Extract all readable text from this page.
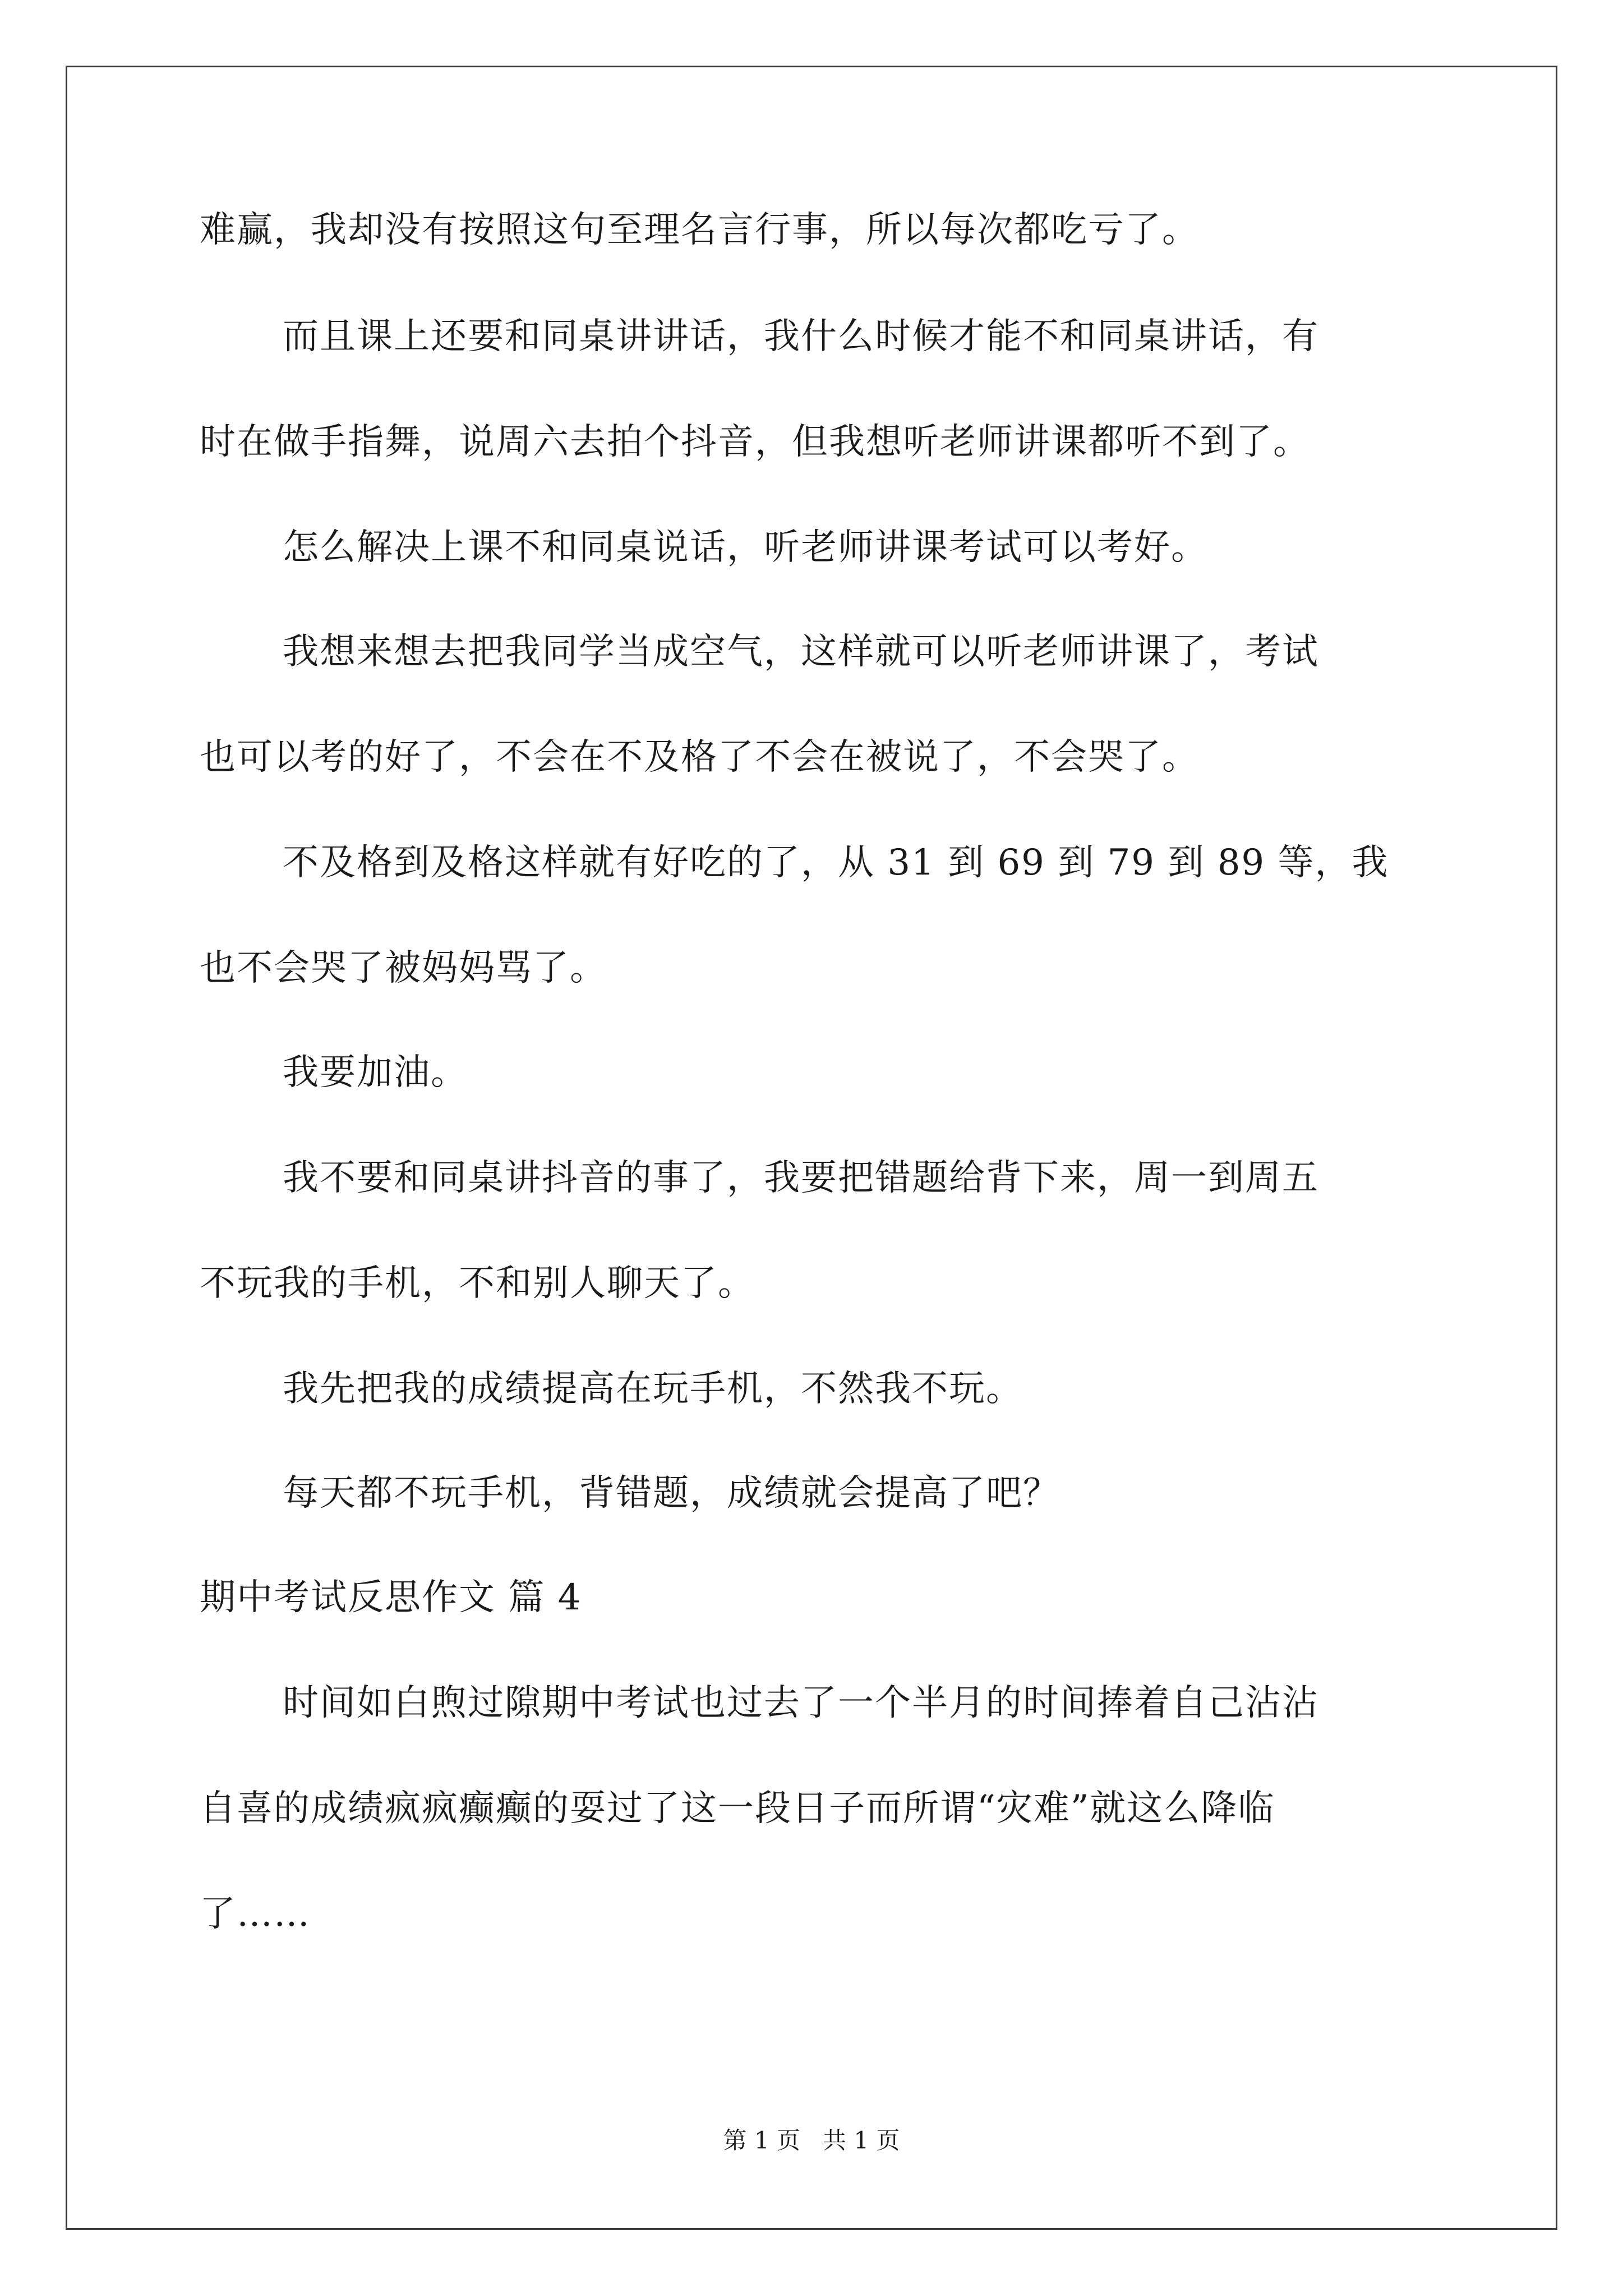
难赢，我却没有按照这句至理名言行事，所以每次都吃亏了。
而且课上还要和同桌讲讲话，我什么时候才能不和同桌讲话，有
时在做手指舞，说周六去拍个抖音，但我想听老师讲课都听不到了。
怎么解决上课不和同桌说话，听老师讲课考试可以考好。
我想来想去把我同学当成空气，这样就可以听老师讲课了，考试
也可以考的好了，不会在不及格了不会在被说了，不会哭了。
不及格到及格这样就有好吃的了，从 31 到 69 到 79 到 89 等，我
也不会哭了被妈妈骂了。
我要加油。
我不要和同桌讲抖音的事了，我要把错题给背下来，周一到周五
不玩我的手机，不和别人聊天了。
我先把我的成绩提高在玩手机，不然我不玩。
每天都不玩手机，背错题，成绩就会提高了吧？
期中考试反思作文 篇 4
时间如白煦过隙期中考试也过去了一个半月的时间捧着自己沾沾
自喜的成绩疯疯癫癫的耍过了这一段日子而所谓“灾难”就这么降临
了……
第 1 页   共 1 页
